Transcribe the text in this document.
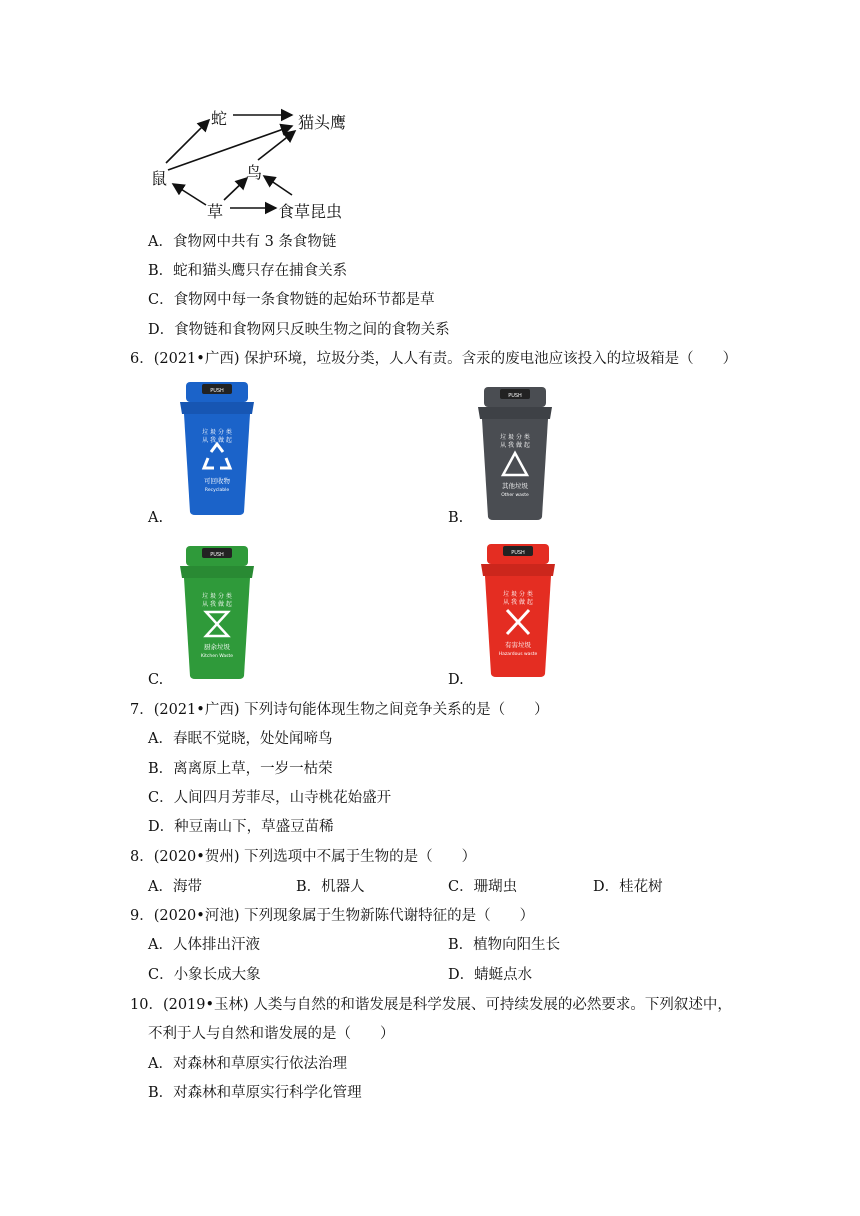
蛇	猫头鹰
鼠	鸟
草	食草昆虫
A．食物网中共有 3 条食物链
B．蛇和猫头鹰只存在捕食关系
C．食物网中每一条食物链的起始环节都是草
D．食物链和食物网只反映生物之间的食物关系
6．(2021•广西) 保护环境，垃圾分类，人人有责。含汞的废电池应该投入的垃圾箱是（　　）
A.
PUSH
垃 圾 分 类
从 我 做 起
可回收物
Recyclable
B.
PUSH
垃 圾 分 类
从 我 做 起
其他垃圾
Other waste
C.
PUSH
垃 圾 分 类
从 我 做 起
厨余垃圾
Kitchen Waste
D.
PUSH
垃 圾 分 类
从 我 做 起
有害垃圾
Hazardous waste
7．(2021•广西) 下列诗句能体现生物之间竞争关系的是（　　）
A．春眠不觉晓，处处闻啼鸟
B．离离原上草，一岁一枯荣
C．人间四月芳菲尽，山寺桃花始盛开
D．种豆南山下，草盛豆苗稀
8．(2020•贺州) 下列选项中不属于生物的是（　　）
A．海带	B．机器人	C．珊瑚虫	D．桂花树
9．(2020•河池) 下列现象属于生物新陈代谢特征的是（　　）
A．人体排出汗液	B．植物向阳生长
C．小象长成大象	D．蜻蜓点水
10．(2019•玉林) 人类与自然的和谐发展是科学发展、可持续发展的必然要求。下列叙述中，
不利于人与自然和谐发展的是（　　）
A．对森林和草原实行依法治理
B．对森林和草原实行科学化管理
